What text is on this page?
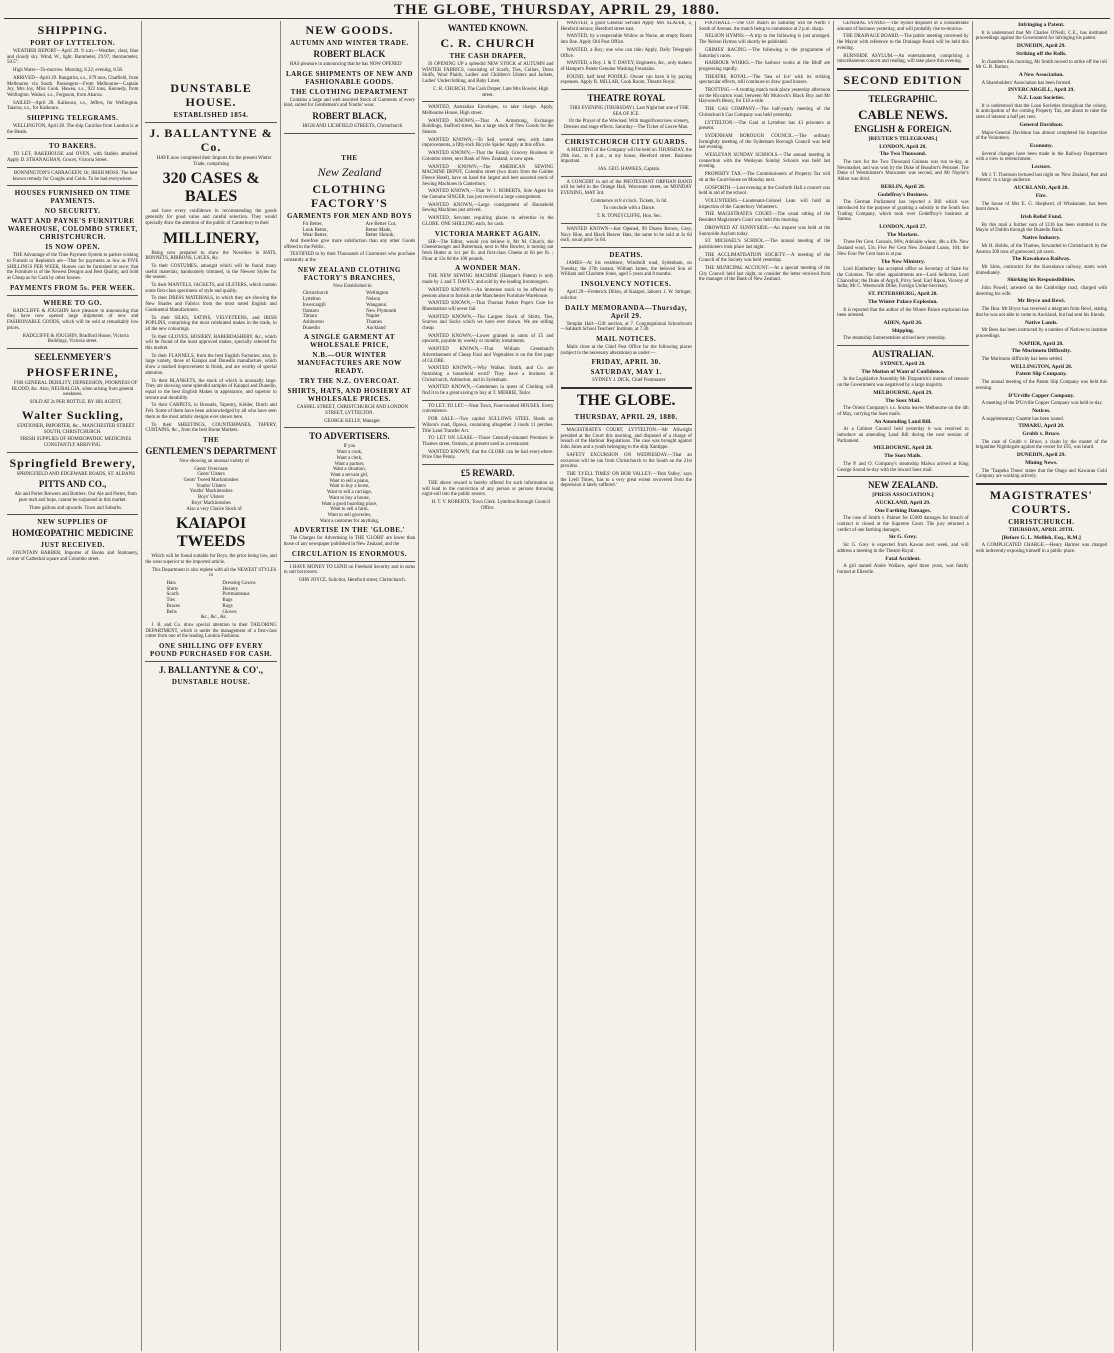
THE GLOBE, THURSDAY, APRIL 29, 1880.
SHIPPING.
PORT OF LYTTELTON.

WEATHER REPORT—April 29. 9 a.m.—Weather, clear, blue and cloudy sky. Wind, W., light. Barometer, 29.97; thermometer, 50.5°.

High Water—To-morrow. Morning, 8.22; evening, 8.58.

ARRIVED—April 29. Rangatira, s.s., 679 tons, Chatfield, from Melbourne via South. Passengers—From Melbourne—Captain Joy, Mrs Joy, Miss Cook. Hawea, s.s., 922 tons, Kennedy, from Wellington. Wainui, s.s., Ferguson, from Akaroa.

SAILED—April 28. Kaikoura, s.s., Jeffers, for Wellington. Taiaroa, s.s., for Kaikoura.

SHIPPING TELEGRAMS.

WELLINGTON, April 28. The ship Caroline from London is at the Heads.

TO BAKERS.

TO LET, BAKEHOUSE and OVEN, with Stables attached. Apply D. STRANAGHAN, Grocer, Victoria Street.

BONNINGTON'S CARRAGEEN; Or, IRISH MOSS. The best known remedy for Coughs and Colds. To be had everywhere.

HOUSES FURNISHED ON TIME PAYMENTS.
NO SECURITY.
WATT AND PAYNE'S FURNITURE WAREHOUSE, COLOMBO STREET, CHRISTCHURCH.
IS NOW OPEN.

THE Advantage of the Time Payment System to parties wishing to Furnish or Replenish are—That for payments as low as FIVE SHILLINGS PER WEEK, Houses can be furnished at once; that the Furniture is of the Newest Designs and Best Quality, and Sold as Cheap as for Cash by other houses.

PAYMENTS FROM 5s. PER WEEK.
WHERE TO GO.

RADCLIFFE & JOUGHIN have pleasure in announcing that they have now opened large shipments of new and FASHIONABLE GOODS, which will be sold at remarkably low prices.

RADCLIFFE & JOUGHIN, Bradford House, Victoria Buildings, Victoria street.

SEELENMEYER'S
PHOSFERINE,

FOR GENERAL DEBILITY, DEPRESSION, POORNESS OF BLOOD, &c. Also, NEURALGIA, when arising from general weakness.

SOLD AT 2s PER BOTTLE, BY HIS AGENT,

Walter Suckling,

STATIONER, IMPORTER, &c., MANCHESTER STREET SOUTH, CHRISTCHURCH.

FRESH SUPPLIES OF HOMŒOPATHIC MEDICINES CONSTANTLY ARRIVING.

Springfield Brewery,

SPRINGFIELD AND EDGEWARE ROADS, ST. ALBANS

PITTS AND CO.,

Ale and Porter Brewers and Bottlers. Our Ale and Porter, from pure malt and hops, cannot be surpassed in this market.

Three gallons and upwards. Town and Suburbs.

NEW SUPPLIES OF
HOMŒOPATHIC MEDICINE
JUST RECEIVED.

FOUNTAIN BARBER, Importer of Books and Stationery, corner of Cathedral square and Colombo street.

DUNSTABLE HOUSE.
ESTABLISHED 1854.
J. BALLANTYNE & Co.

HAVE now completed their Imports for the present Winter Trade, comprising

320 CASES & BALES

and have every confidence in recommending the goods generally for good value and careful selection. They would specially draw the attention of the public of Canterbury to their

MILLINERY,

Being now prepared to show the Novelties in HATS, BONNETS, RIBBONS, LACES, &c.

To their COSTUMES, amongst which will be found many useful materials, handsomely trimmed, in the Newest Styles for the season.

To their MANTELS, JACKETS, and ULSTERS, which contain some first-class specimens of style and quality.

To their DRESS MATERIALS, in which they are showing the New Shades and Fabrics from the most noted English and Continental Manufacturers.

To their SILKS, SATINS, VELVETEENS, and IRISH POPLINS, comprising the most celebrated makes in the trade, in all the new colourings.

To their GLOVES, HOSIERY, HABERDASHERY, &c., which will be found of the most approved makes, specially selected for this market.

To their FLANNELS, from the best English Factories; also, in large variety, those of Kaiapoi and Dunedin manufacture, which show a marked improvement in finish, and are worthy of special attention.

To their BLANKETS, the stock of which is unusually large. They are showing some splendid samples of Kaiapoi and Dunedin, equal to the best English Makes in appearance, and superior in texture and durability.

To their CARPETS, in Brussels, Tapestry, Kidder, Dutch and Felt. Some of them have been acknowledged by all who have seen them as the most artistic designs ever shown here.

To their SHEETINGS, COUNTERPANES, TAPERY, CURTAINS, &c., from the best Home Markets.

THE
GENTLEMEN'S DEPARTMENT

Now showing an unusual variety of

Gents' Overcoats
Gents' Ulsters
Gents' Tweed Mackintoshes
Youths' Ulsters
Youths' Mackintoshes
Boys' Ulsters
Boys' Mackintoshes

Also a very Choice Stock of

KAIAPOI TWEEDS

Which will be found suitable for Boys, the price being low, and the wear superior to the imported article.

This Department is also replete with all the NEWEST STYLES in

Hats
Shirts
Scarfs
Ties
Braces
Belts
Dressing Gowns
Hosiery
Portmanteaus
Bags
Rugs
Gloves

&c., &c., &c.

J. B. and Co. draw special attention to their TAILORING DEPARTMENT, which is under the management of a first-class cutter from one of the leading London Fashions.

ONE SHILLING OFF EVERY POUND PURCHASED FOR CASH.
J. BALLANTYNE & CO'.,
DUNSTABLE HOUSE.
NEW GOODS.
AUTUMN AND WINTER TRADE.
ROBERT BLACK

HAS pleasure in announcing that he has NOW OPENED

LARGE SHIPMENTS OF NEW AND FASHIONABLE GOODS.
THE CLOTHING DEPARTMENT

Contains a large and well assorted Stock of Garments of every kind, suited for Gentlemen's and Youths' wear.

ROBERT BLACK,

HIGH AND LICHFIELD STREETS, Christchurch

THE
New Zealand
CLOTHING FACTORY'S
GARMENTS FOR MEN AND BOYS
Fit Better,
Look Better,
Wear Better,
Are Better Cut,
Better Made,
Better Shrunk,

And therefore give more satisfaction than any other Goods offered to the Public.

TESTIFIED to by their Thousands of Customers who purchase constantly at the

NEW ZEALAND CLOTHING FACTORY'S BRANCHES,

Now Established in

Christchurch
Lyttelton
Invercargill
Oamaru
Timaru
Ashburton
Dunedin
Wellington
Nelson
Wanganui
New Plymouth
Napier
Thames
Auckland
A SINGLE GARMENT AT WHOLESALE PRICE,
N.B.—OUR WINTER MANUFACTURES ARE NOW READY.
TRY THE N.Z. OVERCOAT.
SHIRTS, HATS, AND HOSIERY AT WHOLESALE PRICES.

CASHEL STREET, CHRISTCHURCH AND LONDON STREET, LYTTELTON.

GEORGE KELLY, Manager.

TO ADVERTISERS.
If you
Want a cook,
Want a clerk,
Want a partner,
Want a situation,
Want a servant girl,
Want to sell a piano,
Want to buy a horse,
Want to sell a carriage,
Want to buy a house,
Want a good boarding place,
Want to sell a farm,
Want to sell groceries,
Want a customer for anything,
ADVERTISE IN THE 'GLOBE.'

The Charges for Advertising in THE 'GLOBE' are lower than those of any newspaper published in New Zealand, and the

CIRCULATION IS ENORMOUS.

I HAVE MONEY TO LEND on Freehold Security and in sums to suit borrowers.

OHN JOYCE, Solicitor, Hereford street, Christchurch.

WANTED KNOWN.
C. R. CHURCH
THE CASH DRAPER,

IS OPENING UP a splendid NEW STOCK of AUTUMN and WINTER FABRICS, consisting of Scarfs, Ties, Collars, Dress Stuffs, Wool Plaids, Ladies' and Children's Ulsters and Jackets, Ladies' Underclothing, and Baby Linen.

C. R. CHURCH, The Cash Draper, Late Mrs Bowler, High street.

WANTED, Australian Envelopes, to take charge. Apply, Melbourne House, High street.

WANTED KNOWN,—That A. Armstrong, Exchange Buildings, Stafford street, has a large stock of New Goods for the Season.

WANTED KNOWN,—To Sell, several new, with latest improvements, a fifty-inch Bicycle Spider. Apply at this office.

WANTED KNOWN,—That the Family Grocery Business in Colombo street, next Bank of New Zealand, is now open.

WANTED KNOWN,—The AMERICAN SEWING MACHINE DEPOT, Colombo street (two doors from the Golden Fleece Hotel), have on hand the largest and best assorted stock of Sewing Machines in Canterbury.

WANTED KNOWN,—That W. J. ROBERTS, Sole Agent for the Genuine SINGER, has just received a large consignment.

WANTED KNOWN,—Large consignment of Household Sewing Machines just arrived.

WANTED, Servants requiring places to advertise in the GLOBE. ONE SHILLING each, for cash.

VICTORIA MARKET AGAIN.

SIR—The Editor, would you believe it, Mr M. Church, the Cheesemonger and Butterman, next to Mrs Bowler, is turning out fresh Butter at 1s1 per lb. and first-class Cheese at 6d per lb. ; Flour at 13s 6d the 100 pounds.

A WONDER MAN.

THE NEW SEWING MACHINE (Hamper's Patent) is only made by J. and T. DAVEY, and sold by the leading Ironmongers.

WANTED KNOWN.—An immense stock to be effected by persons about to furnish at the Manchester Furniture Warehouse.

WANTED KNOWN,—That Thomas Parker Pope's Cure for Rheumatism will never fail.

WANTED KNOWN,—The Largest Stock of Shirts, Ties, Scarves and Socks which we have ever shown. We are selling cheap.

WANTED KNOWN,—Lower grained in sums of £5 and upwards, payable by weekly or monthly instalments.

WANTED KNOWN,—That William Greenland's Advertisement of Cheap Fruit and Vegetables is on the first page of GLOBE.

WANTED KNOWN,—Why Walker, Smith, and Co. are furnishing a household word? They have a business in Christchurch, Ashburton, and in Sydenham.

WANTED KNOWN,—Gentlemen in quest of Clothing will find it to be a great saving to buy at T. MERRIE, Tailor.

TO LET. TO LET.—Near Town, Four-roomed HOUSES. Every convenience.

FOR SALE.—Two capital SULLOWS STEEL Sheds on Wilson's road, Opawa, containing altogether 2 roods 11 perches. Title Land Transfer Act.

TO LET ON LEASE.—Those Centrally-situated Premises in Thames street, Oamaru, at present used as a restaurant.

WANTED KNOWN, that the GLOBE can be had everywhere. Price One Penny.

£5 REWARD.

THE above reward is hereby offered for such information as will lead to the conviction of any person or persons throwing night-soil into the public sewers.

H. T. V. ROBERTS, Town Clerk. Lyttelton Borough Council Office.

WANTED, a good General Servant Apply Mrs SLATER, 3, Hereford terrace, Hereford street east.

WANTED, by a respectable Widow as Nurse, an empty Room into fine. Apply Old Post Office.

WANTED, a Boy; one who can ride; Apply, Daily Telegraph Office.

WANTED, a Boy. J. & T. DAVEY, Engineers, &c., only makers of Hamper's Patent Genuine Washing Fountains.

FOUND, half bred POODLE. Owner can have it by paying expenses. Apply R. MILLAR, Cook Room, Theatre Royal.

THEATRE ROYAL

THIS EVENING (THURSDAY). Last Night but one of THE SEA OF ICE.

Or the Prayer of the Wrecked. With magnificent new scenery, Dresses and stage effects. Saturday—The Ticket of Leave Man.

CHRISTCHURCH CITY GUARDS.

A MEETING of the Company will be held on THURSDAY, the 29th inst., at 8 p.m., at my house, Hereford street. Business important.

JAS. GEO. HAWKES, Captain.

A CONCERT in aid of the PROTESTANT ORPHAN BAND will be held in the Orange Hall, Worcester street, on MONDAY EVENING, MAY 3rd.

Commence at 8 o'clock. Tickets, 1s 6d.

To conclude with a Dance.

T. R. TONEYCLIFFE, Hon. Sec.

WANTED KNOWN—Just Opened, 99 Dozen Brown, Grey, Navy Blue, and Black Beaver Hats, the same to be sold at 3s 6d each, usual price 5s 6d.

DEATHS.

JAMES—At his residence, Windmill road, Sydenham, on Tuesday, the 27th instant, William James, the beloved Son of William and Charlotte Jones, aged 5 years and 8 months.

INSOLVENCY NOTICES.

April 29—Frederick Dillon, of Kaiapoi, laborer. J. W. Stringer, solicitor.

DAILY MEMORANDA—Thursday, April 29.

Templar Hall—Gift auction, at 7. Congregational Schoolroom—Sabbath School Teachers' Institute, at 7.30.

MAIL NOTICES.

Mails close at the Chief Post Office for the following places (subject to the necessary alterations) as under:—

FRIDAY, APRIL 30.
SATURDAY, MAY 1.

SYDNEY J. DICK, Chief Postmaster.

THE GLOBE.
THURSDAY, APRIL 29, 1880.

MAGISTRATE'S COURT, LYTTELTON.—Mr Allwright presided at the Court this morning, and disposed of a charge of breach of the Harbour Regulations. The case was brought against John Jones and a youth belonging to the ship Xantippe.

SAFETY EXCURSION ON WEDNESDAY.—That an excursion will be run from Christchurch to the South on the 21st proximo.

THE 'LYELL TIMES' ON BOB VALLEY.—'Bob Valley,' says the Lyell Times, 'has to a very great extent recovered from the depression it lately suffered.'

FOOTBALL.—The O.P. match on Saturday will be North v South of Avenue, the match being to commence at 2 p.m. sharp.

NELSON HYMNS.—A trip to the following is just arranged. The Nelson Hymns will shortly be published.

GRIMES' RACING.—The following is the programme of Saturday's races.

HARBOUR WORKS.—The harbour works at the Bluff are progressing rapidly.

THEATRE ROYAL.—The 'Sea of Ice' with its striking spectacular effects, still continues to draw good houses.

TROTTING.—A trotting match took place yesterday afternoon on the Riccarton road, between Mr Mulcock's Black Boy and Mr Haywood's Bessy, for £10 a-side.

THE GAS COMPANY.—The half-yearly meeting of the Christchurch Gas Company was held yesterday.

LYTTELTON.—The Gaol at Lyttelton has 43 prisoners at present.

SYDENHAM BOROUGH COUNCIL.—The ordinary fortnightly meeting of the Sydenham Borough Council was held last evening.

WESLEYAN SUNDAY SCHOOLS.—The annual meeting in connection with the Wesleyan Sunday Schools was held last evening.

PROPERTY TAX.—The Commissioners of Property Tax will sit at the Court-house on Monday next.

GOSFORTH.—Last evening at the Gosforth Hall a concert was held in aid of the school.

VOLUNTEERS.—Lieutenant-Colonel Lean will hold an inspection of the Canterbury Volunteers.

THE MAGISTRATE'S COURT.—The usual sitting of the Resident Magistrate's Court was held this morning.

DROWNED AT SUNNYSIDE.—An inquest was held at the Sunnyside Asylum today.

ST. MICHAEL'S SCHOOL.—The annual meeting of the parishioners took place last night.

THE ACCLIMATISATION SOCIETY.—A meeting of the Council of the Society was held yesterday.

THE MUNICIPAL ACCOUNT.—At a special meeting of the City Council held last night, to consider the letter received from the manager of the Bank of New Zealand.

GENERAL SYNOD.—The Synod disposed of a considerable amount of business yesterday, and will probably rise to-morrow.

THE DRAINAGE BOARD.—The public meeting convened by the Mayor with reference to the Drainage Board will be held this evening.

BURNSIDE ASYLUM.—An entertainment, comprising a miscellaneous concert and reading, will take place this evening.

SECOND EDITION
TELEGRAPHIC.
CABLE NEWS.
ENGLISH & FOREIGN.
[REUTER'S TELEGRAMS.]
LONDON, April 28.
The Two Thousand.

The race for the Two Thousand Guineas was run to-day, at Newmarket, and was won by the Duke of Beaufort's Petronel. The Duke of Westminster's Muncaster was second, and Mr Naylor's Abbot was third.

BERLIN, April 28.
Godeffroy's Business.

The German Parliament has rejected a Bill which was introduced for the purpose of granting a subsidy to the South Sea Trading Company, which took over Godeffroy's business at Samoa.

LONDON, April 27.
The Markets.

Three Per Cent. Consols, 98¾; Adelaide wheat, 48s a 49s. New Zealand wool, 53s; Five Per Cent New Zealand Loans, 104; the New Four Per Cent loan is at par.

The New Ministry.

Lord Kimberley has accepted office as Secretary of State for the Colonies. The other appointments are—Lord Selborne, Lord Chancellor; the Duke of Argyll, Privy Seal; Earl Ripon, Viceroy of India; Mr C. Wentworth Dilke, Foreign Under-Secretary.

ST. PETERSBURG, April 28.
The Winter Palace Explosion.

It is reported that the author of the Winter Palace explosion has been arrested.

ADEN, April 26.
Shipping.

The steamship Somersetshire arrived here yesterday.

AUSTRALIAN.
SYDNEY, April 28.
The Motion of Want of Confidence.

In the Legislative Assembly Mr Fitzpatrick's motion of censure on the Government was negatived by a large majority.

MELBOURNE, April 29.
The Suez Mail.

The Orient Company's s.s. Sorata leaves Melbourne on the 4th of May, carrying the Suez mails.

An Amending Land Bill.

At a Cabinet Council held yesterday it was resolved to introduce an amending Land Bill during the next session of Parliament.

MELBOURNE, April 28.
The Suez Mails.

The P. and O. Company's steamship Malwa arrived at King George Sound to-day with the inward Suez mail.

NEW ZEALAND.
[PRESS ASSOCIATION.]
AUCKLAND, April 29.
One Farthing Damages.

The case of Smith v. Palmer for £5000 damages for breach of contract is closed at the Supreme Court. The jury returned a verdict of one farthing damages.

Sir G. Grey.

Sir G. Grey is expected from Kawau next week, and will address a meeting in the Theatre Royal.

Fatal Accident.

A girl named Annie Wallace, aged three years, was fatally burned at Ellerslie.

Infringing a Patent.

It is understood that Mr Charles O'Neill, C.E., has instituted proceedings against the Government for infringing his patent.

DUNEDIN, April 29.
Striking off the Rolls.

In chambers this morning, Mr Smith moved to strike off the roll Mr G. B. Barton.

A New Association.

A Shareholders' Association has been formed.

INVERCARGILL, April 29.
N.Z. Loan Societies.

It is understood that the Loan Societies throughout the colony, in anticipation of the coming Property Tax, are about to raise the rates of interest a half per cent.

General Davidson.

Major-General Davidson has almost completed his inspection of the Volunteers.

Economy.

Several changes have been made in the Railway Department with a view to retrenchment.

Lecture.

Mr J. T. Thomson lectured last night on 'New Zealand, Past and Present,' to a large audience.

AUCKLAND, April 28.
Fire.

The house of Mrs E. G. Shepherd, of Whakatane, has been burnt down.

Irish Relief Fund.

By this mail a further sum of £116 has been remitted to the Mayor of Dublin through the Dunedin Bank.

Native Industry.

Mr H. Hobbs, of the Thames, forwarded to Christchurch by the Awarua 300 tons of gumwood, pit sawn.

The Kawakawa Railway.

Mr Sims, contractor for the Kawakawa railway, starts work immediately.

Shirking his Responsibilities.

John Powell, arrested on the Cambridge road, charged with deserting his wife.

Mr Bryce and Rewi.

The Hon. Mr Bryce has received a telegram from Rewi, stating that he was not able to come to Auckland, but had sent his friends.

Native Lands.

Mr Rees has been instructed by a number of Natives to institute proceedings.

NAPIER, April 28.
The Murimotu Difficulty.

The Murimotu difficulty has been settled.

WELLINGTON, April 28.
Patent Slip Company.

The annual meeting of the Patent Slip Company was held this evening.

D'Urville Copper Company.

A meeting of the D'Urville Copper Company was held to-day.

Notices.

A supplementary Gazette has been issued.

TIMARU, April 28.
Grubb v. Bruce.

The case of Grubb v. Bruce, a claim by the master of the brigantine Nightingale against the owner for £95, was heard.

DUNEDIN, April 29.
Mining News.

The 'Tuapeka Times' states that the Otago and Kawarau Gold Company are working actively.

MAGISTRATES' COURTS.
CHRISTCHURCH.
THURSDAY, APRIL 29TH.
[Before G. L. Mellish, Esq., R.M.]

A COMPLICATED CHARGE.—Henry Harmer was charged with indecently exposing himself in a public place.
